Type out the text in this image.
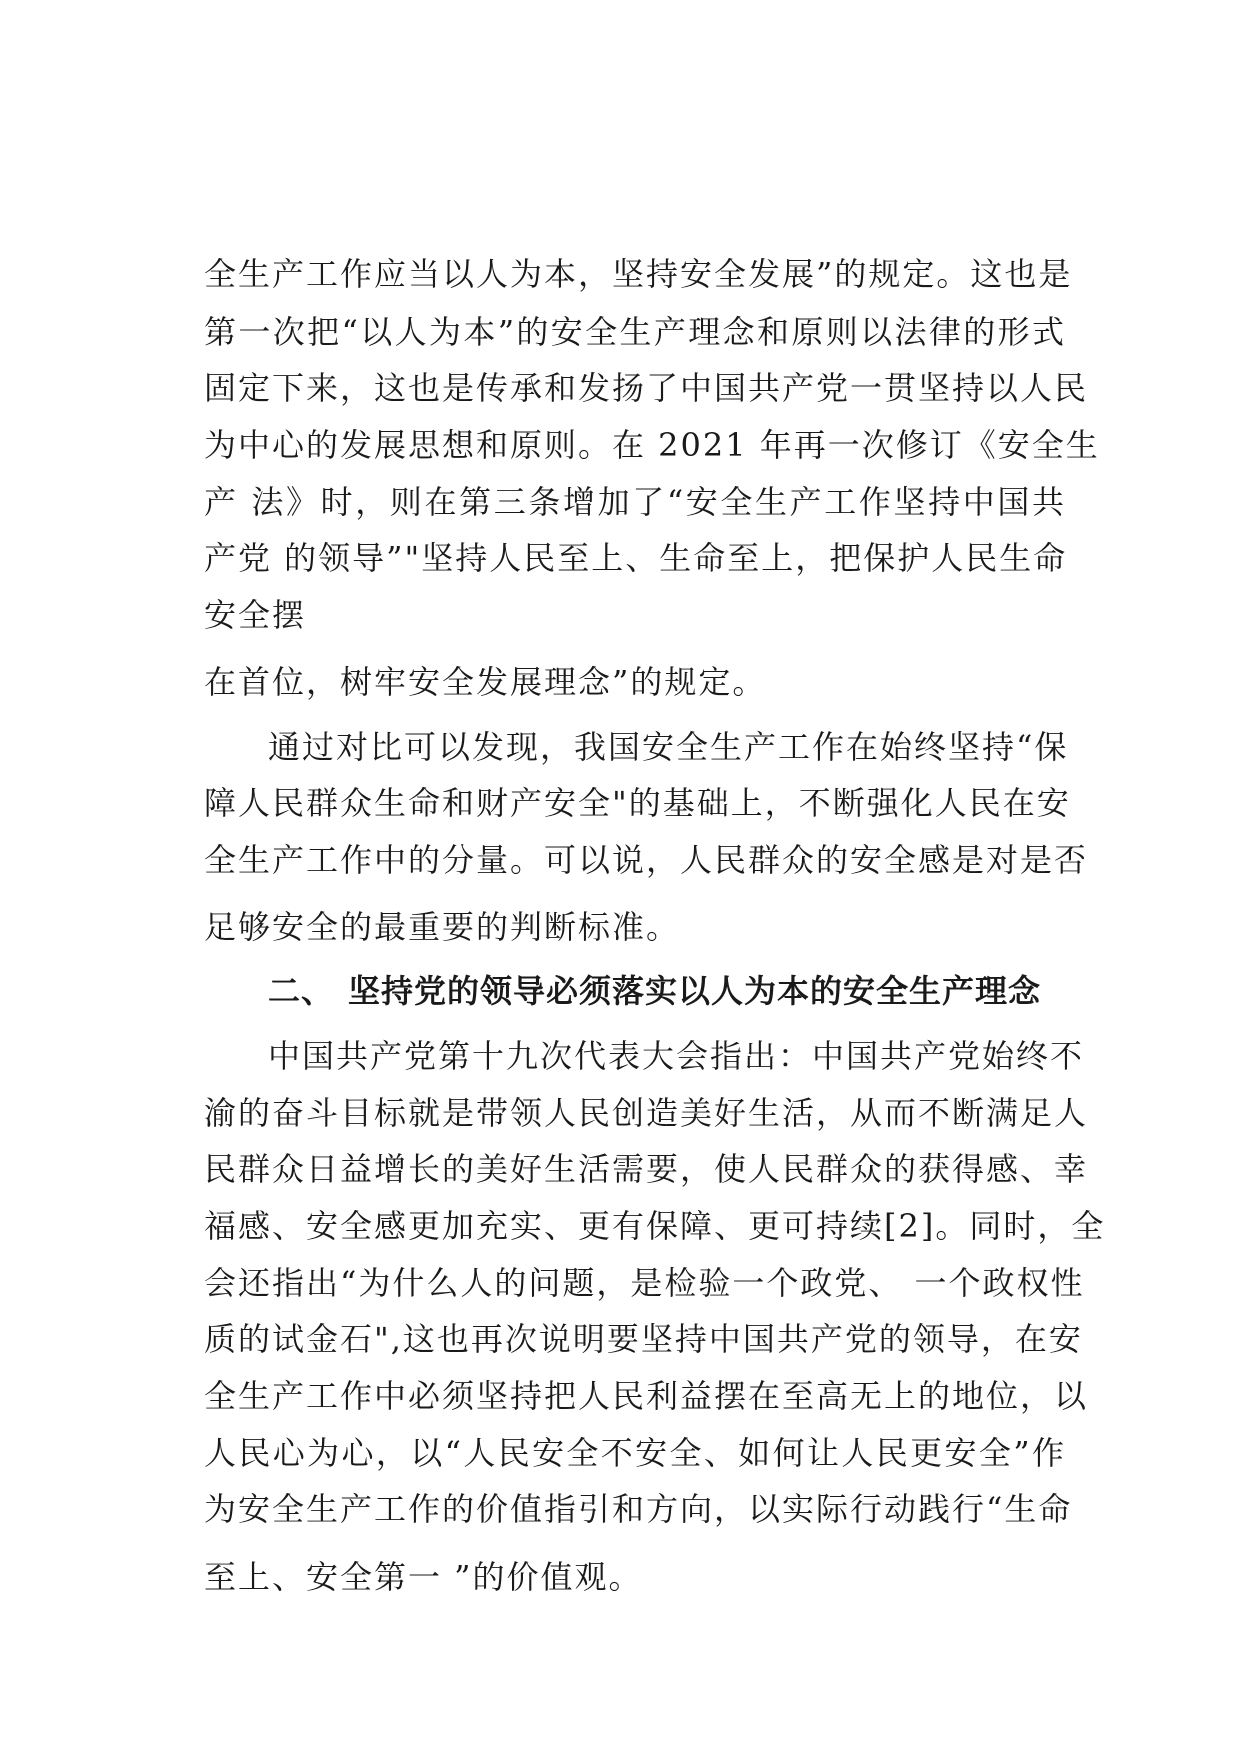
全生产工作应当以人为本，坚持安全发展”的规定。这也是

第一次把“以人为本”的安全生产理念和原则以法律的形式

固定下来，这也是传承和发扬了中国共产党一贯坚持以人民

为中心的发展思想和原则。在 2021 年再一次修订《安全生

产 法》时，则在第三条增加了“安全生产工作坚持中国共

产党 的领导”"坚持人民至上、生命至上，把保护人民生命

安全摆

在首位，树牢安全发展理念”的规定。

通过对比可以发现，我国安全生产工作在始终坚持“保

障人民群众生命和财产安全"的基础上，不断强化人民在安

全生产工作中的分量。可以说，人民群众的安全感是对是否

足够安全的最重要的判断标准。

二、 坚持党的领导必须落实以人为本的安全生产理念

中国共产党第十九次代表大会指出：中国共产党始终不

渝的奋斗目标就是带领人民创造美好生活，从而不断满足人

民群众日益增长的美好生活需要，使人民群众的获得感、幸

福感、安全感更加充实、更有保障、更可持续[2]。同时，全

会还指出“为什么人的问题，是检验一个政党、 一个政权性

质的试金石",这也再次说明要坚持中国共产党的领导，在安

全生产工作中必须坚持把人民利益摆在至高无上的地位，以

人民心为心，以“人民安全不安全、如何让人民更安全”作

为安全生产工作的价值指引和方向，以实际行动践行“生命

至上、安全第一 ”的价值观。
